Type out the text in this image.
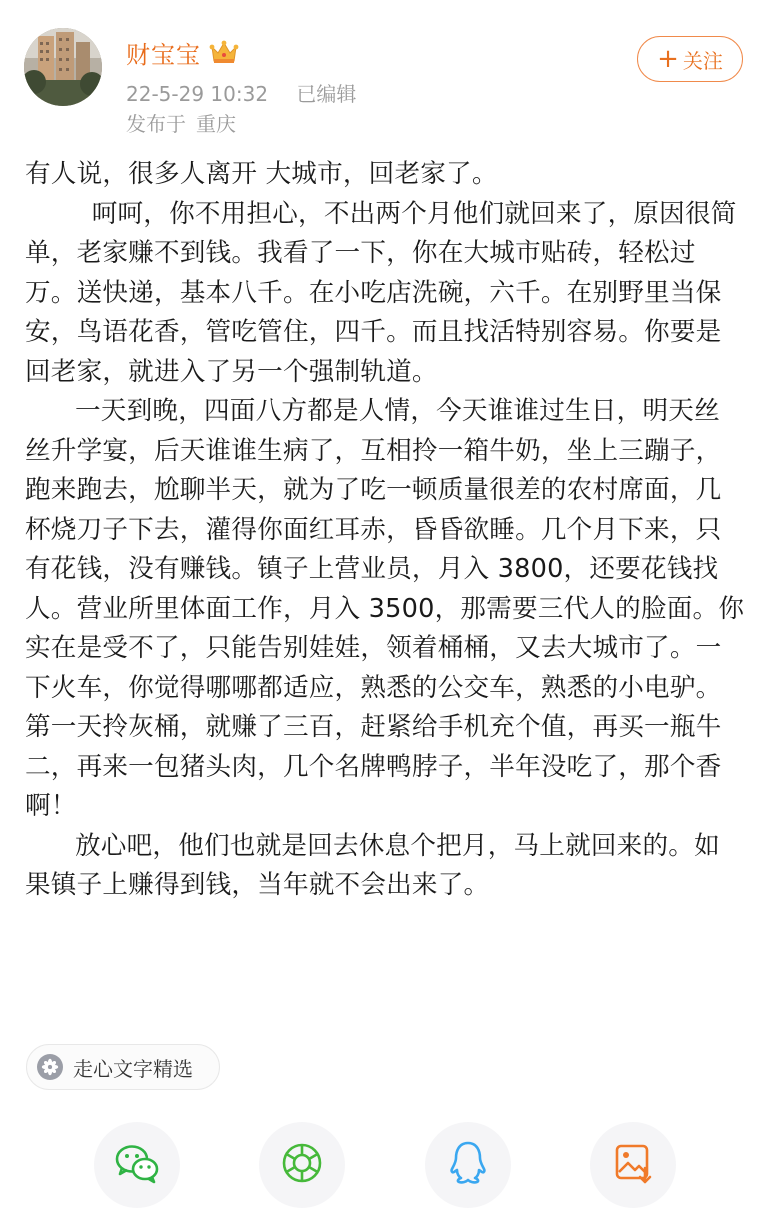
财宝宝
22-5-29 10:32 已编辑
发布于 重庆
+ 关注

有人说，很多人离开 大城市，回老家了。

呵呵，你不用担心，不出两个月他们就回来了，原因很简单，老家赚不到钱。我看了一下，你在大城市贴砖，轻松过万。送快递，基本八千。在小吃店洗碗，六千。在别野里当保安，鸟语花香，管吃管住，四千。而且找活特别容易。你要是回老家，就进入了另一个强制轨道。

一天到晚，四面八方都是人情，今天谁谁过生日，明天丝丝升学宴，后天谁谁生病了，互相拎一箱牛奶，坐上三蹦子，跑来跑去，尬聊半天，就为了吃一顿质量很差的农村席面，几杯烧刀子下去，灌得你面红耳赤，昏昏欲睡。几个月下来，只有花钱，没有赚钱。镇子上营业员，月入 3800，还要花钱找人。营业所里体面工作，月入 3500，那需要三代人的脸面。你实在是受不了，只能告别娃娃，领着桶桶，又去大城市了。一下火车，你觉得哪哪都适应，熟悉的公交车，熟悉的小电驴。第一天拎灰桶，就赚了三百，赶紧给手机充个值，再买一瓶牛二，再来一包猪头肉，几个名牌鸭脖子，半年没吃了，那个香啊！

放心吧，他们也就是回去休息个把月，马上就回来的。如果镇子上赚得到钱，当年就不会出来了。

走心文字精选
